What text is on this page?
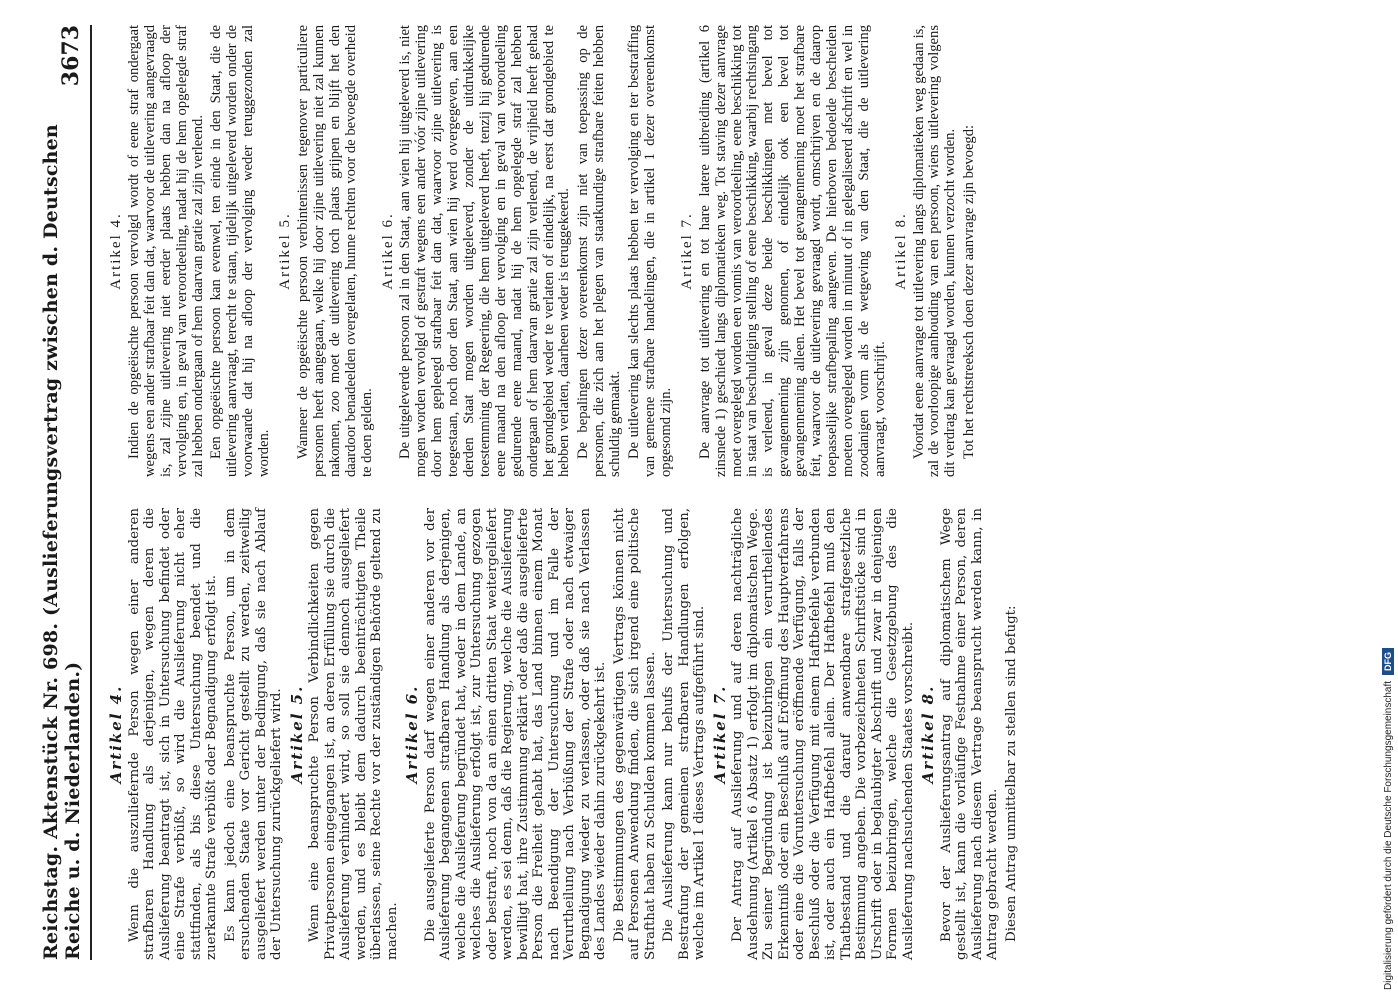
Reichstag. Aktenstück Nr. 698. (Auslieferungsvertrag zwischen d. Deutschen Reiche u. d. Niederlanden.)
3673
Artikel 4. Wenn die auszuliefernde Person wegen einer anderen strafbaren Handlung als derjenigen, wegen deren die Auslieferung beantragt ist, sich in Untersuchung befindet oder eine Strafe verbüßt, so wird die Auslieferung nicht eher stattfinden, als bis diese Untersuchung beendet und die zuerkannte Strafe verbüßt oder Begnadigung erfolgt ist. Es kann jedoch eine beanspruchte Person, um in dem ersuchenden Staate vor Gericht gestellt zu werden, zeitweilig ausgeliefert werden unter der Bedingung, daß sie nach Ablauf der Untersuchung zurückgeliefert wird. Artikel 5. Wenn eine beanspruchte Person Verbindlichkeiten gegen Privatpersonen eingegangen ist, an deren Erfüllung sie durch die Auslieferung verhindert wird, so soll sie dennoch ausgeliefert werden, und es bleibt dem dadurch beeinträchtigten Theile überlassen, seine Rechte vor der zuständigen Behörde geltend zu machen.

Artikel 6. Die ausgelieferte Person darf wegen einer anderen vor der Auslieferung begangenen strafbaren Handlung als derjenigen, welche die Auslieferung begründet hat, weder in dem Lande, an welches die Auslieferung erfolgt ist, zur Untersuchung gezogen oder bestraft, noch von da an einen dritten Staat weitergeliefert werden, es sei denn, daß die Regierung, welche die Auslieferung bewilligt hat, ihre Zustimmung erklärt oder daß die ausgelieferte Person die Freiheit gehabt hat, das Land binnen einem Monat nach Beendigung der Untersuchung und im Falle der Verurtheilung nach Verbüßung der Strafe oder nach etwaiger Begnadigung wieder zu verlassen, oder daß sie nach Verlassen des Landes wieder dahin zurückgekehrt ist. Die Bestimmungen des gegenwärtigen Vertrags können nicht auf Personen Anwendung finden, die sich irgend eine politische Strafthat haben zu Schulden kommen lassen. Die Auslieferung kann nur behufs der Untersuchung und Bestrafung der gemeinen strafbaren Handlungen erfolgen, welche im Artikel 1 dieses Vertrags aufgeführt sind. Artikel 7. Der Antrag auf Auslieferung und auf deren nachträgliche Ausdehnung (Artikel 6 Absatz 1) erfolgt im diplomatischen Wege. Zu seiner Begründung ist beizubringen ein verurtheilendes Erkenntniß oder ein Beschluß auf Eröffnung des Hauptverfahrens oder eine die Voruntersuchung eröffnende Verfügung, falls der Beschluß oder die Verfügung mit einem Haftbefehle verbunden ist, oder auch ein Haftbefehl allein. Der Haftbefehl muß den Thatbestand und die darauf anwendbare strafgesetzliche Bestimmung angeben. Die vorbezeichneten Schriftstücke sind in Urschrift oder in beglaubigter Abschrift und zwar in denjenigen Formen beizubringen, welche die Gesetzgebung des die Auslieferung nachsuchenden Staates vorschreibt. Artikel 8. Bevor der Auslieferungsantrag auf diplomatischem Wege gestellt ist, kann die vorläufige Festnahme einer Person, deren Auslieferung nach diesem Vertrage beansprucht werden kann, in Antrag gebracht werden. Diesen Antrag unmittelbar zu stellen sind befugt:

Artikel 4. Indien de opgeëischte persoon vervolgd wordt of eene straf ondergaat wegens een ander strafbaar feit dan dat, waarvoor de uitlevering aangevraagd is, zal zijne uitlevering niet eerder plaats hebben dan na afloop der vervolging en, in geval van veroordeeling, nadat hij de hem opgelegde straf zal hebben ondergaan of hem daarvan gratie zal zijn verleend. Een opgeëischte persoon kan evenwel, ten einde in den Staat, die de uitlevering aanvraagt, terecht te staan, tijdelijk uitgeleverd worden onder de voorwaarde dat hij na afloop der vervolging weder teruggezonden zal worden.

Artikel 5. Wanneer de opgeëischte persoon verbintenissen tegenover particuliere personen heeft aangegaan, welke hij door zijne uitlevering niet zal kunnen nakomen, zoo moet de uitlevering toch plaats grijpen en blijft het den daardoor benadeelden overgelaten, hunne rechten voor de bevoegde overheid te doen gelden.

Artikel 6. De uitgeleverde persoon zal in den Staat, aan wien hij uitgeleverd is, niet mogen worden vervolgd of gestraft wegens een ander vóór zijne uitlevering door hem gepleegd strafbaar feit dan dat, waarvoor zijne uitlevering is toegestaan, noch door den Staat, aan wien hij werd overgegeven, aan een derden Staat mogen worden uitgeleverd, zonder de uitdrukkelijke toestemming der Regeering, die hem uitgeleverd heeft, tenzij hij gedurende eene maand na den afloop der vervolging en in geval van veroordeeling gedurende eene maand, nadat hij de hem opgelegde straf zal hebben ondergaan of hem daarvan gratie zal zijn verleend, de vrijheid heeft gehad het grondgebied weder te verlaten of eindelijk, na eerst dat grondgebied te hebben verlaten, daarheen weder is teruggekeerd. De bepalingen dezer overeenkomst zijn niet van toepassing op de personen, die zich aan het plegen van staatkundige strafbare feiten hebben schuldig gemaakt. De uitlevering kan slechts plaats hebben ter vervolging en ter bestraffing van gemeene strafbare handelingen, die in artikel 1 dezer overeenkomst opgesomd zijn.

Artikel 7. De aanvrage tot uitlevering en tot hare latere uitbreiding (artikel 6 zinsnede 1) geschiedt langs diplomatieken weg. Tot staving dezer aanvrage moet overgelegd worden een vonnis van veroordeeling, eene beschikking tot in staat van beschuldiging stelling of eene beschikking, waarbij rechtsingang is verleend, in geval deze beide beschikkingen met bevel tot gevangenneming zijn genomen, of eindelijk ook een bevel tot gevangenneming alleen. Het bevel tot gevangenneming moet het strafbare feit, waarvoor de uitlevering gevraagd wordt, omschrijven en de daarop toepasselijke strafbepaling aangeven. De hierboven bedoelde bescheiden moeten overgelegd worden in minuut of in gelegaliseerd afschrift en wel in zoodanigen vorm als de wetgeving van den Staat, die de uitlevering aanvraagt, voorschrijft.

Artikel 8. Voordat eene aanvrage tot uitlevering langs diplomatieken weg gedaan is, zal de voorloopige aanhouding van een persoon, wiens uitlevering volgens dit verdrag kan gevraagd worden, kunnen verzocht worden. Tot het rechtstreeksch doen dezer aanvrage zijn bevoegd:

Digitalisierung gefördert durch die Deutsche Forschungsgemeinschaft
DFG
